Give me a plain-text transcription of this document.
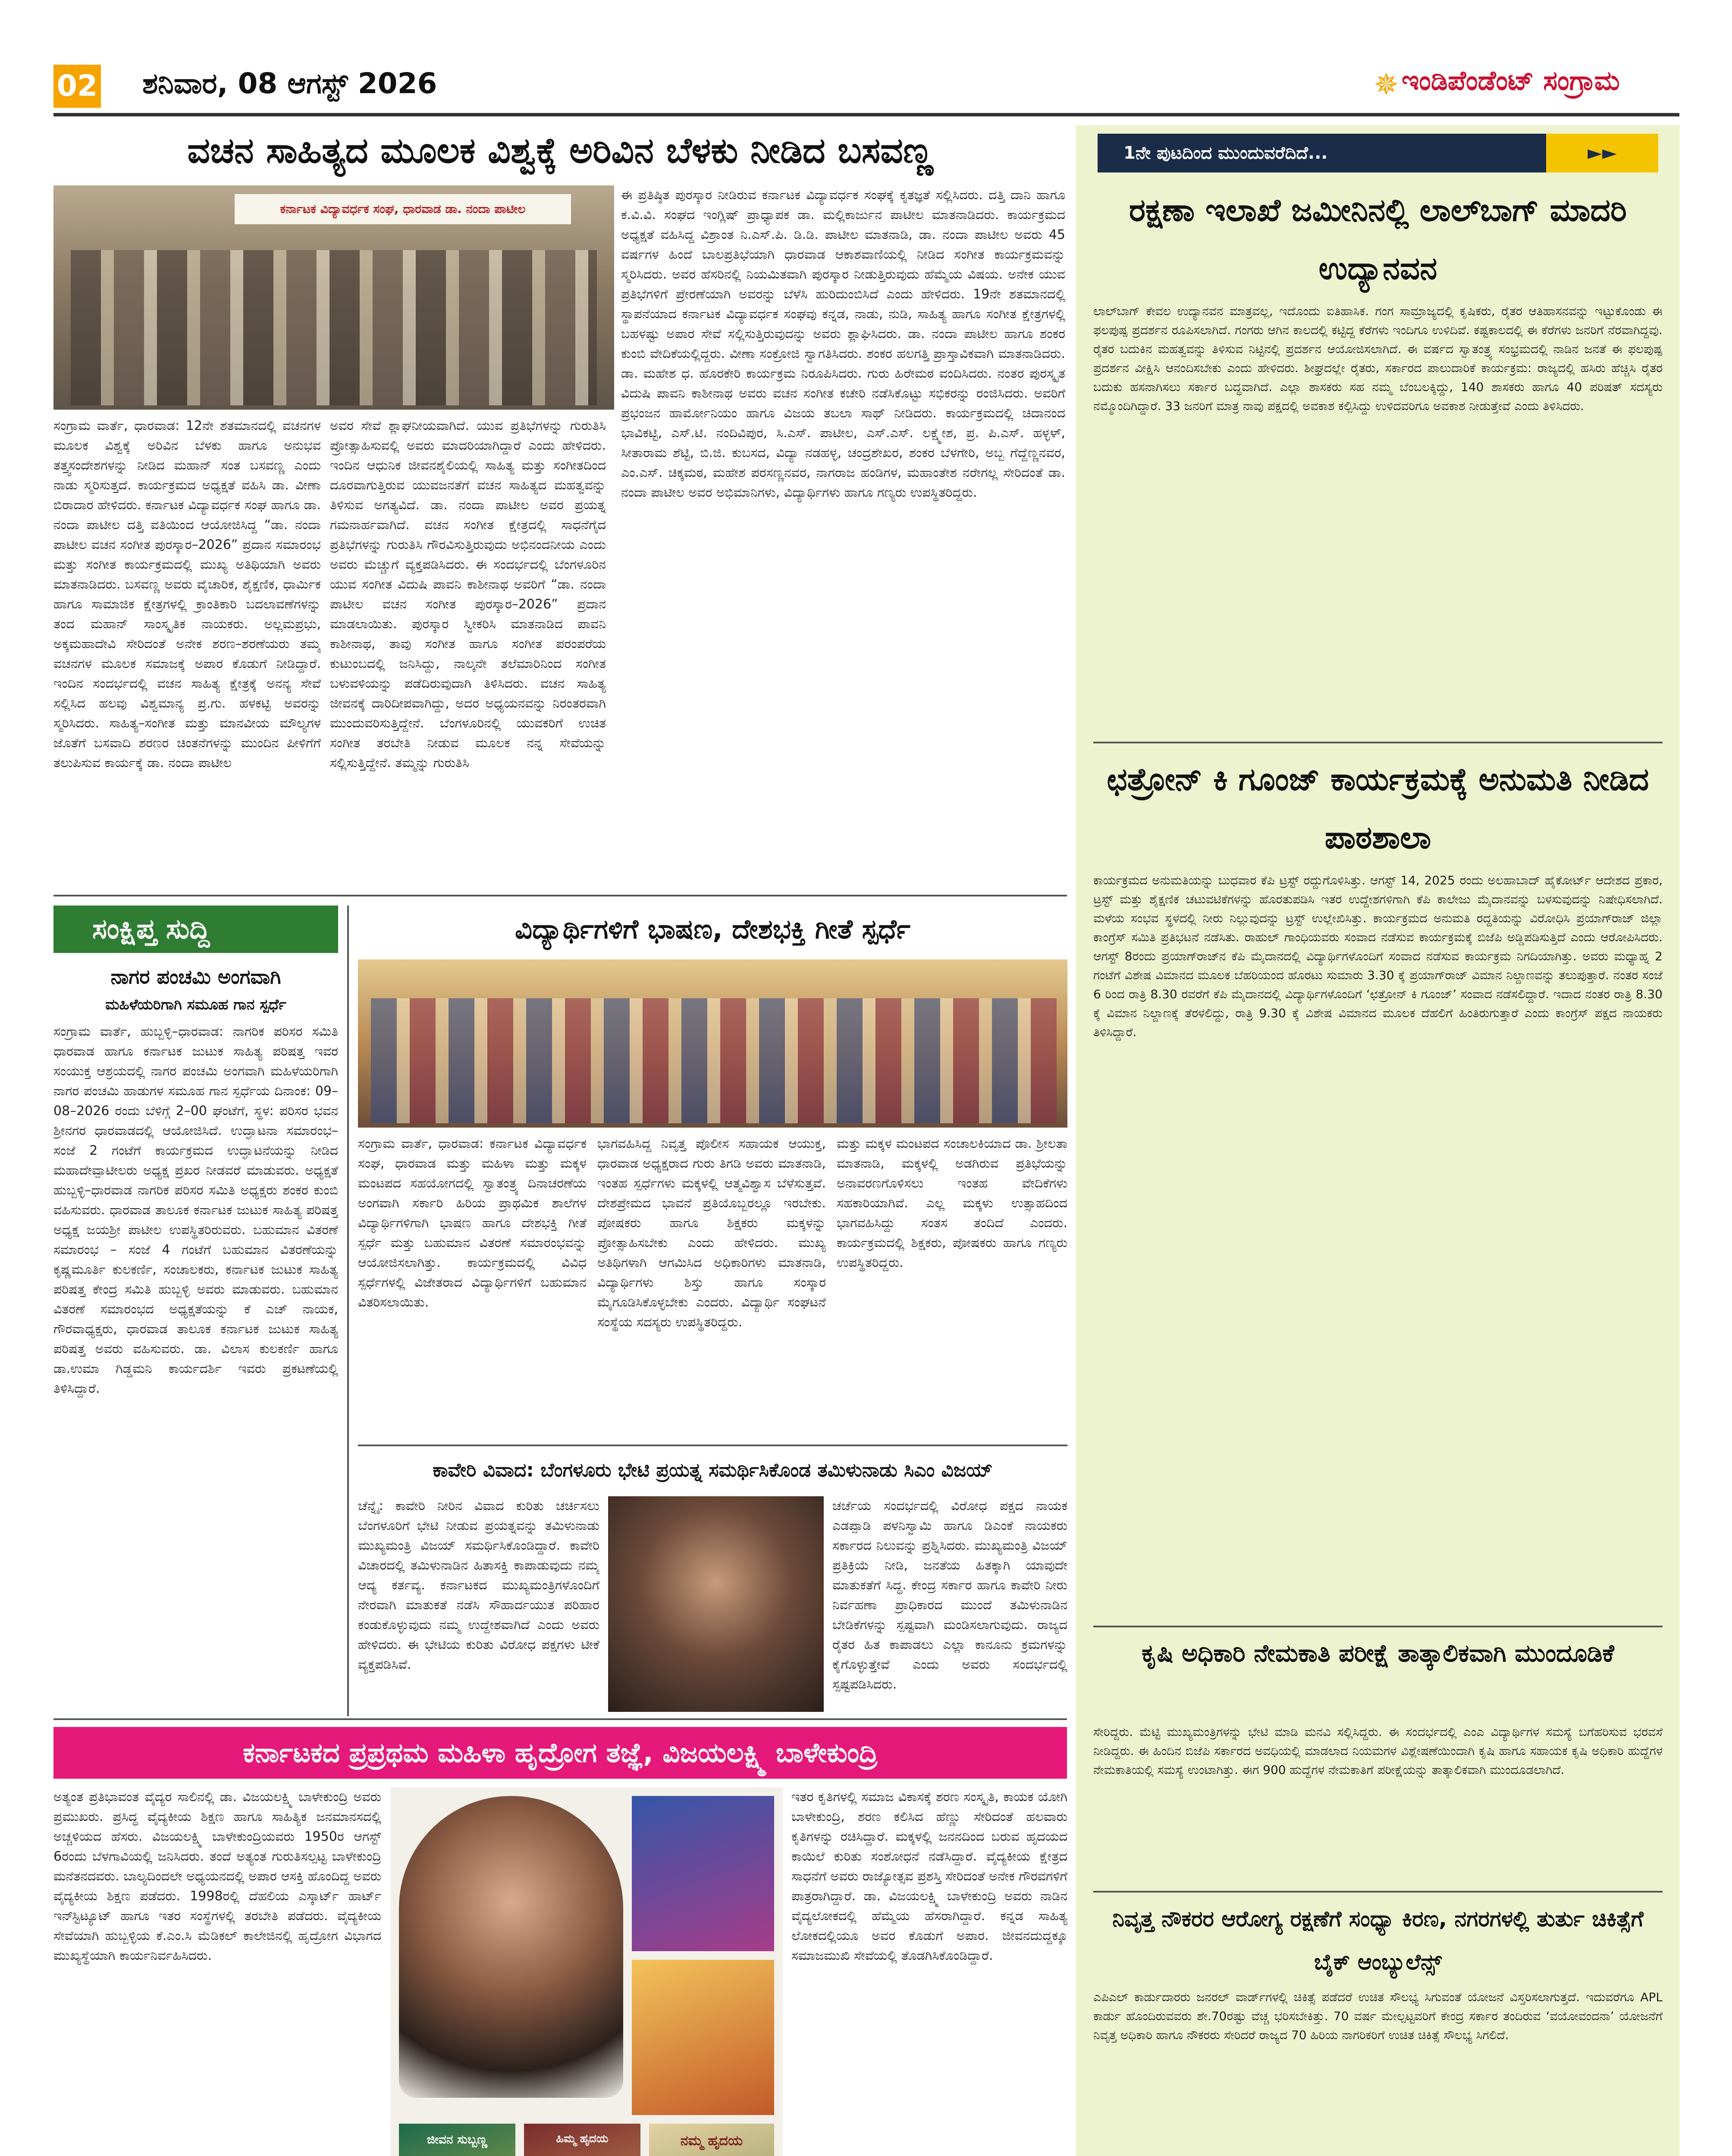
02 ಶನಿವಾರ, 08 ಆಗಸ್ಟ್ 2026	✵ ಇಂಡಿಪೆಂಡೆಂಟ್ ಸಂಗ್ರಾಮ
ವಚನ ಸಾಹಿತ್ಯದ ಮೂಲಕ ವಿಶ್ವಕ್ಕೆ ಅರಿವಿನ ಬೆಳಕು ನೀಡಿದ ಬಸವಣ್ಣ
ಕರ್ನಾಟಕ ವಿದ್ಯಾವರ್ಧಕ ಸಂಘ, ಧಾರವಾಡ ಡಾ. ನಂದಾ ಪಾಟೀಲ
ಸಂಗ್ರಾಮ ವಾರ್ತೆ, ಧಾರವಾಡ: 12ನೇ ಶತಮಾನದಲ್ಲಿ ವಚನಗಳ ಮೂಲಕ ವಿಶ್ವಕ್ಕೆ ಅರಿವಿನ ಬೆಳಕು ಹಾಗೂ ಅನುಭವ ತತ್ತ್ವಸಂದೇಶಗಳನ್ನು ನೀಡಿದ ಮಹಾನ್ ಸಂತ ಬಸವಣ್ಣ ಎಂದು ನಾಡು ಸ್ಮರಿಸುತ್ತದೆ. ಕಾರ್ಯಕ್ರಮದ ಅಧ್ಯಕ್ಷತೆ ವಹಿಸಿ ಡಾ. ವೀಣಾ ಬಿರಾದಾರ ಹೇಳಿದರು. ಕರ್ನಾಟಕ ವಿದ್ಯಾವರ್ಧಕ ಸಂಘ ಹಾಗೂ ಡಾ. ನಂದಾ ಪಾಟೀಲ ದತ್ತಿ ವತಿಯಿಂದ ಆಯೋಜಿಸಿದ್ದ “ಡಾ. ನಂದಾ ಪಾಟೀಲ ವಚನ ಸಂಗೀತ ಪುರಸ್ಕಾರ–2026” ಪ್ರದಾನ ಸಮಾರಂಭ ಮತ್ತು ಸಂಗೀತ ಕಾರ್ಯಕ್ರಮದಲ್ಲಿ ಮುಖ್ಯ ಅತಿಥಿಯಾಗಿ ಅವರು ಮಾತನಾಡಿದರು. ಬಸವಣ್ಣ ಅವರು ವೈಚಾರಿಕ, ಶೈಕ್ಷಣಿಕ, ಧಾರ್ಮಿಕ ಹಾಗೂ ಸಾಮಾಜಿಕ ಕ್ಷೇತ್ರಗಳಲ್ಲಿ ಕ್ರಾಂತಿಕಾರಿ ಬದಲಾವಣೆಗಳನ್ನು ತಂದ ಮಹಾನ್ ಸಾಂಸ್ಕೃತಿಕ ನಾಯಕರು. ಅಲ್ಲಮಪ್ರಭು, ಅಕ್ಕಮಹಾದೇವಿ ಸೇರಿದಂತೆ ಅನೇಕ ಶರಣ–ಶರಣೆಯರು ತಮ್ಮ ವಚನಗಳ ಮೂಲಕ ಸಮಾಜಕ್ಕೆ ಅಪಾರ ಕೊಡುಗೆ ನೀಡಿದ್ದಾರೆ. ಇಂದಿನ ಸಂದರ್ಭದಲ್ಲಿ ವಚನ ಸಾಹಿತ್ಯ ಕ್ಷೇತ್ರಕ್ಕೆ ಅನನ್ಯ ಸೇವೆ ಸಲ್ಲಿಸಿದ ಹಲವು ವಿಶ್ವಮಾನ್ಯ ಪ್ರ.ಗು. ಹಳಕಟ್ಟಿ ಅವರನ್ನು ಸ್ಮರಿಸಿದರು. ಸಾಹಿತ್ಯ–ಸಂಗೀತ ಮತ್ತು ಮಾನವೀಯ ಮೌಲ್ಯಗಳ ಜೊತೆಗೆ ಬಸವಾದಿ ಶರಣರ ಚಿಂತನೆಗಳನ್ನು ಮುಂದಿನ ಪೀಳಿಗೆಗೆ ತಲುಪಿಸುವ ಕಾರ್ಯಕ್ಕೆ ಡಾ. ನಂದಾ ಪಾಟೀಲ
ಅವರ ಸೇವೆ ಶ್ಲಾಘನೀಯವಾಗಿದೆ. ಯುವ ಪ್ರತಿಭೆಗಳನ್ನು ಗುರುತಿಸಿ ಪ್ರೋತ್ಸಾಹಿಸುವಲ್ಲಿ ಅವರು ಮಾದರಿಯಾಗಿದ್ದಾರೆ ಎಂದು ಹೇಳಿದರು. ಇಂದಿನ ಆಧುನಿಕ ಜೀವನಶೈಲಿಯಲ್ಲಿ ಸಾಹಿತ್ಯ ಮತ್ತು ಸಂಗೀತದಿಂದ ದೂರವಾಗುತ್ತಿರುವ ಯುವಜನತೆಗೆ ವಚನ ಸಾಹಿತ್ಯದ ಮಹತ್ವವನ್ನು ತಿಳಿಸುವ ಅಗತ್ಯವಿದೆ. ಡಾ. ನಂದಾ ಪಾಟೀಲ ಅವರ ಪ್ರಯತ್ನ ಗಮನಾರ್ಹವಾಗಿದೆ. ವಚನ ಸಂಗೀತ ಕ್ಷೇತ್ರದಲ್ಲಿ ಸಾಧನೆಗೈದ ಪ್ರತಿಭೆಗಳನ್ನು ಗುರುತಿಸಿ ಗೌರವಿಸುತ್ತಿರುವುದು ಅಭಿನಂದನೀಯ ಎಂದು ಅವರು ಮೆಚ್ಚುಗೆ ವ್ಯಕ್ತಪಡಿಸಿದರು. ಈ ಸಂದರ್ಭದಲ್ಲಿ ಬೆಂಗಳೂರಿನ ಯುವ ಸಂಗೀತ ವಿದುಷಿ ಪಾವನಿ ಕಾಶೀನಾಥ ಅವರಿಗೆ “ಡಾ. ನಂದಾ ಪಾಟೀಲ ವಚನ ಸಂಗೀತ ಪುರಸ್ಕಾರ–2026” ಪ್ರದಾನ ಮಾಡಲಾಯಿತು. ಪುರಸ್ಕಾರ ಸ್ವೀಕರಿಸಿ ಮಾತನಾಡಿದ ಪಾವನಿ ಕಾಶೀನಾಥ, ತಾವು ಸಂಗೀತ ಹಾಗೂ ಸಂಗೀತ ಪರಂಪರೆಯ ಕುಟುಂಬದಲ್ಲಿ ಜನಿಸಿದ್ದು, ನಾಲ್ಕನೇ ತಲೆಮಾರಿನಿಂದ ಸಂಗೀತ ಬಳುವಳಿಯನ್ನು ಪಡೆದಿರುವುದಾಗಿ ತಿಳಿಸಿದರು. ವಚನ ಸಾಹಿತ್ಯ ಜೀವನಕ್ಕೆ ದಾರಿದೀಪವಾಗಿದ್ದು, ಅದರ ಅಧ್ಯಯನವನ್ನು ನಿರಂತರವಾಗಿ ಮುಂದುವರಿಸುತ್ತಿದ್ದೇನೆ. ಬೆಂಗಳೂರಿನಲ್ಲಿ ಯುವಕರಿಗೆ ಉಚಿತ ಸಂಗೀತ ತರಬೇತಿ ನೀಡುವ ಮೂಲಕ ನನ್ನ ಸೇವೆಯನ್ನು ಸಲ್ಲಿಸುತ್ತಿದ್ದೇನೆ. ತಮ್ಮನ್ನು ಗುರುತಿಸಿ
ಈ ಪ್ರತಿಷ್ಠಿತ ಪುರಸ್ಕಾರ ನೀಡಿರುವ ಕರ್ನಾಟಕ ವಿದ್ಯಾವರ್ಧಕ ಸಂಘಕ್ಕೆ ಕೃತಜ್ಞತೆ ಸಲ್ಲಿಸಿದರು. ದತ್ತಿ ದಾನಿ ಹಾಗೂ ಕ.ವಿ.ವಿ. ಸಂಘದ ಇಂಗ್ಲಿಷ್ ಪ್ರಾಧ್ಯಾಪಕ ಡಾ. ಮಲ್ಲಿಕಾರ್ಜುನ ಪಾಟೀಲ ಮಾತನಾಡಿದರು. ಕಾರ್ಯಕ್ರಮದ ಅಧ್ಯಕ್ಷತೆ ವಹಿಸಿದ್ದ ವಿಶ್ರಾಂತ ನಿ.ಎಸ್.ಪಿ. ಡಿ.ಡಿ. ಪಾಟೀಲ ಮಾತನಾಡಿ, ಡಾ. ನಂದಾ ಪಾಟೀಲ ಅವರು 45 ವರ್ಷಗಳ ಹಿಂದೆ ಬಾಲಪ್ರತಿಭೆಯಾಗಿ ಧಾರವಾಡ ಆಕಾಶವಾಣಿಯಲ್ಲಿ ನೀಡಿದ ಸಂಗೀತ ಕಾರ್ಯಕ್ರಮವನ್ನು ಸ್ಮರಿಸಿದರು. ಅವರ ಹೆಸರಿನಲ್ಲಿ ನಿಯಮಿತವಾಗಿ ಪುರಸ್ಕಾರ ನೀಡುತ್ತಿರುವುದು ಹೆಮ್ಮೆಯ ವಿಷಯ. ಅನೇಕ ಯುವ ಪ್ರತಿಭೆಗಳಿಗೆ ಪ್ರೇರಣೆಯಾಗಿ ಅವರನ್ನು ಬೆಳೆಸಿ ಹುರಿದುಂಬಿಸಿದೆ ಎಂದು ಹೇಳಿದರು. 19ನೇ ಶತಮಾನದಲ್ಲಿ ಸ್ಥಾಪನೆಯಾದ ಕರ್ನಾಟಕ ವಿದ್ಯಾವರ್ಧಕ ಸಂಘವು ಕನ್ನಡ, ನಾಡು, ನುಡಿ, ಸಾಹಿತ್ಯ ಹಾಗೂ ಸಂಗೀತ ಕ್ಷೇತ್ರಗಳಲ್ಲಿ ಬಹಳಷ್ಟು ಅಪಾರ ಸೇವೆ ಸಲ್ಲಿಸುತ್ತಿರುವುದನ್ನು ಅವರು ಶ್ಲಾಘಿಸಿದರು. ಡಾ. ನಂದಾ ಪಾಟೀಲ ಹಾಗೂ ಶಂಕರ ಕುಂಬಿ ವೇದಿಕೆಯಲ್ಲಿದ್ದರು. ವೀಣಾ ಸಂಕ್ರೋಜಿ ಸ್ವಾಗತಿಸಿದರು. ಶಂಕರ ಹಲಗತ್ತಿ ಪ್ರಾಸ್ತಾವಿಕವಾಗಿ ಮಾತನಾಡಿದರು. ಡಾ. ಮಹೇಶ ಧ. ಹೊರಕೇರಿ ಕಾರ್ಯಕ್ರಮ ನಿರೂಪಿಸಿದರು. ಗುರು ಹಿರೇಮಠ ವಂದಿಸಿದರು. ನಂತರ ಪುರಸ್ಕೃತ ವಿದುಷಿ ಪಾವನಿ ಕಾಶೀನಾಥ ಅವರು ವಚನ ಸಂಗೀತ ಕಚೇರಿ ನಡೆಸಿಕೊಟ್ಟು ಸಭಿಕರನ್ನು ರಂಜಿಸಿದರು. ಅವರಿಗೆ ಪ್ರಭಂಜನ ಹಾರ್ಮೋನಿಯಂ ಹಾಗೂ ವಿಜಯ ತಬಲಾ ಸಾಥ್ ನೀಡಿದರು. ಕಾರ್ಯಕ್ರಮದಲ್ಲಿ ಚಿದಾನಂದ ಭಾವಿಕಟ್ಟಿ, ಎಸ್.ಟಿ. ನಂದಿವಿಪುರ, ಸಿ.ಎಸ್. ಪಾಟೀಲ, ಎಸ್.ಎಸ್. ಲಕ್ಷ್ಮೇಶ, ಪ್ರ. ಪಿ.ಎಸ್. ಹಳ್ಳಳ್, ಸೀತಾರಾಮ ಶೆಟ್ಟಿ, ಬಿ.ಜಿ. ಕುಬಸದ, ವಿದ್ಯಾ ನಡಹಳ್ಳ, ಚಂದ್ರಶೇಖರ, ಶಂಕರ ಬೆಳಗೇರಿ, ಅಬ್ಬ ಗೆದ್ದೆಣ್ಣನವರ, ಎಂ.ಎಸ್. ಚಿಕ್ಕಮಠ, ಮಹೇಶ ಪರಸಣ್ಣನವರ, ನಾಗರಾಜ ಹಂಡಿಗಳ, ಮಹಾಂತೇಶ ನರೇಗಲ್ಲ ಸೇರಿದಂತೆ ಡಾ. ನಂದಾ ಪಾಟೀಲ ಅವರ ಅಭಿಮಾನಿಗಳು, ವಿದ್ಯಾರ್ಥಿಗಳು ಹಾಗೂ ಗಣ್ಯರು ಉಪಸ್ಥಿತರಿದ್ದರು.
ಸಂಕ್ಷಿಪ್ತ ಸುದ್ದಿ
ನಾಗರ ಪಂಚಮಿ ಅಂಗವಾಗಿ
ಮಹಿಳೆಯರಿಗಾಗಿ ಸಮೂಹ ಗಾನ ಸ್ಪರ್ಧೆ
ಸಂಗ್ರಾಮ ವಾರ್ತೆ, ಹುಬ್ಬಳ್ಳಿ–ಧಾರವಾಡ: ನಾಗರಿಕ ಪರಿಸರ ಸಮಿತಿ ಧಾರವಾಡ ಹಾಗೂ ಕರ್ನಾಟಕ ಜುಟುಕ ಸಾಹಿತ್ಯ ಪರಿಷತ್ತ ಇವರ ಸಂಯುಕ್ತ ಆಶ್ರಯದಲ್ಲಿ ನಾಗರ ಪಂಚಮಿ ಅಂಗವಾಗಿ ಮಹಿಳೆಯರಿಗಾಗಿ ನಾಗರ ಪಂಚಮಿ ಹಾಡುಗಳ ಸಮೂಹ ಗಾನ ಸ್ಪರ್ಧೆಯ ದಿನಾಂಕ: 09–08–2026 ರಂದು ಬೆಳಿಗ್ಗೆ 2–00 ಘಂಟೆಗೆ, ಸ್ಥಳ: ಪರಿಸರ ಭವನ ಶ್ರೀನಗರ ಧಾರವಾಡದಲ್ಲಿ ಆಯೋಜಿಸಿದೆ. ಉದ್ಘಾಟನಾ ಸಮಾರಂಭ– ಸಂಜೆ 2 ಗಂಟೆಗೆ ಕಾರ್ಯಕ್ರಮದ ಉದ್ಘಾಟನೆಯನ್ನು ನೀಡಿದ ಮಹಾದೇವ್ಪಾಟೀಲರು ಅಧ್ಯಕ್ಷ ಪ್ರಖರ ನೀಡವರೆ ಮಾಡುವರು. ಅಧ್ಯಕ್ಷತೆ ಹುಬ್ಬಳ್ಳಿ–ಧಾರವಾಡ ನಾಗರಿಕ ಪರಿಸರ ಸಮಿತಿ ಅಧ್ಯಕ್ಷರು ಶಂಕರ ಕುಂಬಿ ವಹಿಸುವರು. ಧಾರವಾಡ ತಾಲೂಕ ಕರ್ನಾಟಕ ಜುಟುಕ ಸಾಹಿತ್ಯ ಪರಿಷತ್ತ ಅಧ್ಯಕ್ಷ ಜಯಶ್ರೀ ಪಾಟೀಲ ಉಪಸ್ಥಿತರಿರುವರು. ಬಹುಮಾನ ವಿತರಣೆ ಸಮಾರಂಭ – ಸಂಜೆ 4 ಗಂಟೆಗೆ ಬಹುಮಾನ ವಿತರಣೆಯನ್ನು ಕೃಷ್ಣಮೂರ್ತಿ ಕುಲಕರ್ಣಿ, ಸಂಚಾಲಕರು, ಕರ್ನಾಟಕ ಜುಟುಕ ಸಾಹಿತ್ಯ ಪರಿಷತ್ತ ಕೇಂದ್ರ ಸಮಿತಿ ಹುಬ್ಬಳ್ಳಿ ಅವರು ಮಾಡುವರು. ಬಹುಮಾನ ವಿತರಣೆ ಸಮಾರಂಭದ ಅಧ್ಯಕ್ಷತೆಯನ್ನು ಕೆ ಎಚ್ ನಾಯಕ, ಗೌರವಾಧ್ಯಕ್ಷರು, ಧಾರವಾಡ ತಾಲೂಕ ಕರ್ನಾಟಕ ಜುಟುಕ ಸಾಹಿತ್ಯ ಪರಿಷತ್ತ ಅವರು ವಹಿಸುವರು. ಡಾ. ವಿಲಾಸ ಕುಲಕರ್ಣಿ ಹಾಗೂ ಡಾ.ಉಮಾ ಗಿಡ್ಡಮನಿ ಕಾರ್ಯದರ್ಶಿ ಇವರು ಪ್ರಕಟಣೆಯಲ್ಲಿ ತಿಳಿಸಿದ್ದಾರೆ.
ವಿದ್ಯಾರ್ಥಿಗಳಿಗೆ ಭಾಷಣ, ದೇಶಭಕ್ತಿ ಗೀತೆ ಸ್ಪರ್ಧೆ
ಸಂಗ್ರಾಮ ವಾರ್ತೆ, ಧಾರವಾಡ: ಕರ್ನಾಟಕ ವಿದ್ಯಾವರ್ಧಕ ಸಂಘ, ಧಾರವಾಡ ಮತ್ತು ಮಹಿಳಾ ಮತ್ತು ಮಕ್ಕಳ ಮಂಟಪದ ಸಹಯೋಗದಲ್ಲಿ ಸ್ವಾತಂತ್ರ್ಯ ದಿನಾಚರಣೆಯ ಅಂಗವಾಗಿ ಸರ್ಕಾರಿ ಹಿರಿಯ ಪ್ರಾಥಮಿಕ ಶಾಲೆಗಳ ವಿದ್ಯಾರ್ಥಿಗಳಿಗಾಗಿ ಭಾಷಣ ಹಾಗೂ ದೇಶಭಕ್ತಿ ಗೀತೆ ಸ್ಪರ್ಧೆ ಮತ್ತು ಬಹುಮಾನ ವಿತರಣೆ ಸಮಾರಂಭವನ್ನು ಆಯೋಜಿಸಲಾಗಿತ್ತು. ಕಾರ್ಯಕ್ರಮದಲ್ಲಿ ವಿವಿಧ ಸ್ಪರ್ಧೆಗಳಲ್ಲಿ ವಿಜೇತರಾದ ವಿದ್ಯಾರ್ಥಿಗಳಿಗೆ ಬಹುಮಾನ ವಿತರಿಸಲಾಯಿತು.
ಭಾಗವಹಿಸಿದ್ದ ನಿವೃತ್ತ ಪೊಲೀಸ ಸಹಾಯಕ ಆಯುಕ್ತ, ಧಾರವಾಡ ಅಧ್ಯಕ್ಷರಾದ ಗುರು ತಿಗಡಿ ಅವರು ಮಾತನಾಡಿ, ಇಂತಹ ಸ್ಪರ್ಧೆಗಳು ಮಕ್ಕಳಲ್ಲಿ ಆತ್ಮವಿಶ್ವಾಸ ಬೆಳೆಸುತ್ತವೆ. ದೇಶಪ್ರೇಮದ ಭಾವನೆ ಪ್ರತಿಯೊಬ್ಬರಲ್ಲೂ ಇರಬೇಕು. ಪೋಷಕರು ಹಾಗೂ ಶಿಕ್ಷಕರು ಮಕ್ಕಳನ್ನು ಪ್ರೋತ್ಸಾಹಿಸಬೇಕು ಎಂದು ಹೇಳಿದರು. ಮುಖ್ಯ ಅತಿಥಿಗಳಾಗಿ ಆಗಮಿಸಿದ ಅಧಿಕಾರಿಗಳು ಮಾತನಾಡಿ, ವಿದ್ಯಾರ್ಥಿಗಳು ಶಿಸ್ತು ಹಾಗೂ ಸಂಸ್ಕಾರ ಮೈಗೂಡಿಸಿಕೊಳ್ಳಬೇಕು ಎಂದರು. ವಿದ್ಯಾರ್ಥಿ ಸಂಘಟನೆ ಸಂಸ್ಥೆಯ ಸದಸ್ಯರು ಉಪಸ್ಥಿತರಿದ್ದರು.
ಮತ್ತು ಮಕ್ಕಳ ಮಂಟಪದ ಸಂಚಾಲಕಿಯಾದ ಡಾ. ಶ್ರೀಲತಾ ಮಾತನಾಡಿ, ಮಕ್ಕಳಲ್ಲಿ ಅಡಗಿರುವ ಪ್ರತಿಭೆಯನ್ನು ಅನಾವರಣಗೊಳಿಸಲು ಇಂತಹ ವೇದಿಕೆಗಳು ಸಹಕಾರಿಯಾಗಿವೆ. ಎಲ್ಲ ಮಕ್ಕಳು ಉತ್ಸಾಹದಿಂದ ಭಾಗವಹಿಸಿದ್ದು ಸಂತಸ ತಂದಿದೆ ಎಂದರು. ಕಾರ್ಯಕ್ರಮದಲ್ಲಿ ಶಿಕ್ಷಕರು, ಪೋಷಕರು ಹಾಗೂ ಗಣ್ಯರು ಉಪಸ್ಥಿತರಿದ್ದರು.
ಕಾವೇರಿ ವಿವಾದ: ಬೆಂಗಳೂರು ಭೇಟಿ ಪ್ರಯತ್ನ ಸಮರ್ಥಿಸಿಕೊಂಡ ತಮಿಳುನಾಡು ಸಿಎಂ ವಿಜಯ್
ಚೆನ್ನೈ: ಕಾವೇರಿ ನೀರಿನ ವಿವಾದ ಕುರಿತು ಚರ್ಚಿಸಲು ಬೆಂಗಳೂರಿಗೆ ಭೇಟಿ ನೀಡುವ ಪ್ರಯತ್ನವನ್ನು ತಮಿಳುನಾಡು ಮುಖ್ಯಮಂತ್ರಿ ವಿಜಯ್ ಸಮರ್ಥಿಸಿಕೊಂಡಿದ್ದಾರೆ. ಕಾವೇರಿ ವಿಚಾರದಲ್ಲಿ ತಮಿಳುನಾಡಿನ ಹಿತಾಸಕ್ತಿ ಕಾಪಾಡುವುದು ನಮ್ಮ ಆದ್ಯ ಕರ್ತವ್ಯ. ಕರ್ನಾಟಕದ ಮುಖ್ಯಮಂತ್ರಿಗಳೊಂದಿಗೆ ನೇರವಾಗಿ ಮಾತುಕತೆ ನಡೆಸಿ ಸೌಹಾರ್ದಯುತ ಪರಿಹಾರ ಕಂಡುಕೊಳ್ಳುವುದು ನಮ್ಮ ಉದ್ದೇಶವಾಗಿದೆ ಎಂದು ಅವರು ಹೇಳಿದರು. ಈ ಭೇಟಿಯ ಕುರಿತು ವಿರೋಧ ಪಕ್ಷಗಳು ಟೀಕೆ ವ್ಯಕ್ತಪಡಿಸಿವೆ.
ಚರ್ಚೆಯ ಸಂದರ್ಭದಲ್ಲಿ ವಿರೋಧ ಪಕ್ಷದ ನಾಯಕ ಎಡಪ್ಪಾಡಿ ಪಳನಿಸ್ವಾಮಿ ಹಾಗೂ ಡಿಎಂಕೆ ನಾಯಕರು ಸರ್ಕಾರದ ನಿಲುವನ್ನು ಪ್ರಶ್ನಿಸಿದರು. ಮುಖ್ಯಮಂತ್ರಿ ವಿಜಯ್ ಪ್ರತಿಕ್ರಿಯೆ ನೀಡಿ, ಜನತೆಯ ಹಿತಕ್ಕಾಗಿ ಯಾವುದೇ ಮಾತುಕತೆಗೆ ಸಿದ್ಧ. ಕೇಂದ್ರ ಸರ್ಕಾರ ಹಾಗೂ ಕಾವೇರಿ ನೀರು ನಿರ್ವಹಣಾ ಪ್ರಾಧಿಕಾರದ ಮುಂದೆ ತಮಿಳುನಾಡಿನ ಬೇಡಿಕೆಗಳನ್ನು ಸ್ಪಷ್ಟವಾಗಿ ಮಂಡಿಸಲಾಗುವುದು. ರಾಜ್ಯದ ರೈತರ ಹಿತ ಕಾಪಾಡಲು ಎಲ್ಲಾ ಕಾನೂನು ಕ್ರಮಗಳನ್ನು ಕೈಗೊಳ್ಳುತ್ತೇವೆ ಎಂದು ಅವರು ಸಂದರ್ಭದಲ್ಲಿ ಸ್ಪಷ್ಟಪಡಿಸಿದರು.
ಕರ್ನಾಟಕದ ಪ್ರಪ್ರಥಮ ಮಹಿಳಾ ಹೃದ್ರೋಗ ತಜ್ಞೆ, ವಿಜಯಲಕ್ಷ್ಮಿ ಬಾಳೇಕುಂದ್ರಿ
ಅತ್ಯಂತ ಪ್ರತಿಭಾವಂತ ವೈದ್ಯರ ಸಾಲಿನಲ್ಲಿ ಡಾ. ವಿಜಯಲಕ್ಷ್ಮಿ ಬಾಳೇಕುಂದ್ರಿ ಅವರು ಪ್ರಮುಖರು. ಪ್ರಸಿದ್ಧ ವೈದ್ಯಕೀಯ ಶಿಕ್ಷಣ ಹಾಗೂ ಸಾಹಿತ್ಯಿಕ ಜನಮಾನಸದಲ್ಲಿ ಅಚ್ಚಳಿಯದ ಹೆಸರು. ವಿಜಯಲಕ್ಷ್ಮಿ ಬಾಳೇಕುಂದ್ರಿಯವರು 1950ರ ಆಗಸ್ಟ್ 6ರಂದು ಬೆಳಗಾವಿಯಲ್ಲಿ ಜನಿಸಿದರು. ತಂದೆ ಅತ್ಯಂತ ಗುರುತಿಸಲ್ಪಟ್ಟ ಬಾಳೇಕುಂದ್ರಿ ಮನೆತನದವರು. ಬಾಲ್ಯದಿಂದಲೇ ಅಧ್ಯಯನದಲ್ಲಿ ಅಪಾರ ಆಸಕ್ತಿ ಹೊಂದಿದ್ದ ಅವರು ವೈದ್ಯಕೀಯ ಶಿಕ್ಷಣ ಪಡೆದರು. 1998ರಲ್ಲಿ ದೆಹಲಿಯ ಎಸ್ಕಾರ್ಟ್ ಹಾರ್ಟ್ ಇನ್‍ಸ್ಟಿಟ್ಯೂಟ್ ಹಾಗೂ ಇತರ ಸಂಸ್ಥೆಗಳಲ್ಲಿ ತರಬೇತಿ ಪಡೆದರು. ವೈದ್ಯಕೀಯ ಸೇವೆಯಾಗಿ ಹುಬ್ಬಳ್ಳಿಯ ಕೆ.ಎಂ.ಸಿ ಮೆಡಿಕಲ್ ಕಾಲೇಜಿನಲ್ಲಿ ಹೃದ್ರೋಗ ವಿಭಾಗದ ಮುಖ್ಯಸ್ಥೆಯಾಗಿ ಕಾರ್ಯನಿರ್ವಹಿಸಿದರು.
ಜೀವನ ಸುಬ್ಬಣ್ಣ	ಹಿಮ್ಮ ಹೃದಯ	ನಮ್ಮ ಹೃದಯ
ಇತರ ಕೃತಿಗಳಲ್ಲಿ ಸಮಾಜ ವಿಕಾಸಕ್ಕೆ ಶರಣ ಸಂಸ್ಕೃತಿ, ಕಾಯಕ ಯೋಗಿ ಬಾಳೇಕುಂದ್ರಿ, ಶರಣ ಕಲಿಸಿದ ಹೆಣ್ಣು ಸೇರಿದಂತೆ ಹಲವಾರು ಕೃತಿಗಳನ್ನು ರಚಿಸಿದ್ದಾರೆ. ಮಕ್ಕಳಲ್ಲಿ ಜನನದಿಂದ ಬರುವ ಹೃದಯದ ಕಾಯಿಲೆ ಕುರಿತು ಸಂಶೋಧನೆ ನಡೆಸಿದ್ದಾರೆ. ವೈದ್ಯಕೀಯ ಕ್ಷೇತ್ರದ ಸಾಧನೆಗೆ ಅವರು ರಾಜ್ಯೋತ್ಸವ ಪ್ರಶಸ್ತಿ ಸೇರಿದಂತೆ ಅನೇಕ ಗೌರವಗಳಿಗೆ ಪಾತ್ರರಾಗಿದ್ದಾರೆ. ಡಾ. ವಿಜಯಲಕ್ಷ್ಮಿ ಬಾಳೇಕುಂದ್ರಿ ಅವರು ನಾಡಿನ ವೈದ್ಯಲೋಕದಲ್ಲಿ ಹೆಮ್ಮೆಯ ಹೆಸರಾಗಿದ್ದಾರೆ. ಕನ್ನಡ ಸಾಹಿತ್ಯ ಲೋಕದಲ್ಲಿಯೂ ಅವರ ಕೊಡುಗೆ ಅಪಾರ. ಜೀವನದುದ್ದಕ್ಕೂ ಸಮಾಜಮುಖಿ ಸೇವೆಯಲ್ಲಿ ತೊಡಗಿಸಿಕೊಂಡಿದ್ದಾರೆ.
1ನೇ ಪುಟದಿಂದ ಮುಂದುವರೆದಿದೆ...	►►
ರಕ್ಷಣಾ ಇಲಾಖೆ ಜಮೀನಿನಲ್ಲಿ ಲಾಲ್‍ಬಾಗ್ ಮಾದರಿ ಉದ್ಯಾನವನ
ಲಾಲ್‍ಬಾಗ್ ಕೇವಲ ಉದ್ಯಾನವನ ಮಾತ್ರವಲ್ಲ, ಇದೊಂದು ಐತಿಹಾಸಿಕ. ಗಂಗ ಸಾಮ್ರಾಜ್ಯದಲ್ಲಿ ಕೃಷಿಕರು, ರೈತರ ಆತಿಹಾಸನವನ್ನು ಇಟ್ಟುಕೊಂಡು ಈ ಫಲಪುಷ್ಪ ಪ್ರದರ್ಶನ ರೂಪಿಸಲಾಗಿದೆ. ಗಂಗರು ಆಗಿನ ಕಾಲದಲ್ಲಿ ಕಟ್ಟಿದ್ದ ಕೆರೆಗಳು ಇಂದಿಗೂ ಉಳಿದಿವೆ. ಕಷ್ಟಕಾಲದಲ್ಲಿ ಈ ಕೆರೆಗಳು ಜನರಿಗೆ ನೆರವಾಗಿದ್ದವು. ರೈತರ ಬದುಕಿನ ಮಹತ್ವವನ್ನು ತಿಳಿಸುವ ನಿಟ್ಟಿನಲ್ಲಿ ಪ್ರದರ್ಶನ ಆಯೋಜಿಸಲಾಗಿದೆ. ಈ ವರ್ಷದ ಸ್ವಾತಂತ್ರ್ಯ ಸಂಭ್ರಮದಲ್ಲಿ ನಾಡಿನ ಜನತೆ ಈ ಫಲಪುಷ್ಪ ಪ್ರದರ್ಶನ ವೀಕ್ಷಿಸಿ ಆನಂದಿಸಬೇಕು ಎಂದು ಹೇಳಿದರು. ಶೀಘ್ರದಲ್ಲೇ ರೈತರು, ಸರ್ಕಾರದ ಪಾಲುದಾರಿಕೆ ಕಾರ್ಯಕ್ರಮ: ರಾಜ್ಯದಲ್ಲಿ ಹಸಿರು ಹೆಚ್ಚಿಸಿ ರೈತರ ಬದುಕು ಹಸನಾಗಿಸಲು ಸರ್ಕಾರ ಬದ್ಧವಾಗಿದೆ. ಎಲ್ಲಾ ಶಾಸಕರು ಸಹ ನಮ್ಮ ಬೆಂಬಲಕ್ಕಿದ್ದು, 140 ಶಾಸಕರು ಹಾಗೂ 40 ಪರಿಷತ್ ಸದಸ್ಯರು ನಮ್ಮೊಂದಿಗಿದ್ದಾರೆ. 33 ಜನರಿಗೆ ಮಾತ್ರ ನಾವು ಪಕ್ಷದಲ್ಲಿ ಅವಕಾಶ ಕಲ್ಪಿಸಿದ್ದು ಉಳಿದವರಿಗೂ ಅವಕಾಶ ನೀಡುತ್ತೇವೆ ಎಂದು ತಿಳಿಸಿದರು.
ಛತ್ರೋನ್ ಕಿ ಗೂಂಜ್ ಕಾರ್ಯಕ್ರಮಕ್ಕೆ ಅನುಮತಿ ನೀಡಿದ ಪಾಠಶಾಲಾ
ಕಾರ್ಯಕ್ರಮದ ಅನುಮತಿಯನ್ನು ಬುಧವಾರ ಕೆಪಿ ಟ್ರಸ್ಟ್ ರದ್ದುಗೊಳಿಸಿತ್ತು. ಆಗಸ್ಟ್ 14, 2025 ರಂದು ಅಲಹಾಬಾದ್ ಹೈಕೋರ್ಟ್ ಆದೇಶದ ಪ್ರಕಾರ, ಟ್ರಸ್ಟ್ ಮತ್ತು ಶೈಕ್ಷಣಿಕ ಚಟುವಟಿಕೆಗಳನ್ನು ಹೊರತುಪಡಿಸಿ ಇತರ ಉದ್ದೇಶಗಳಿಗಾಗಿ ಕೆಪಿ ಕಾಲೇಜು ಮೈದಾನವನ್ನು ಬಳಸುವುದನ್ನು ನಿಷೇಧಿಸಲಾಗಿದೆ. ಮಳೆಯ ಸಂಭವ ಸ್ಥಳದಲ್ಲಿ ನೀರು ನಿಲ್ಲುವುದನ್ನು ಟ್ರಸ್ಟ್ ಉಲ್ಲೇಖಿಸಿತ್ತು. ಕಾರ್ಯಕ್ರಮದ ಅನುಮತಿ ರದ್ದತಿಯನ್ನು ವಿರೋಧಿಸಿ ಪ್ರಯಾಗ್‍ರಾಜ್ ಜಿಲ್ಲಾ ಕಾಂಗ್ರೆಸ್ ಸಮಿತಿ ಪ್ರತಿಭಟನೆ ನಡೆಸಿತು. ರಾಹುಲ್ ಗಾಂಧಿಯವರು ಸಂವಾದ ನಡೆಸುವ ಕಾರ್ಯಕ್ರಮಕ್ಕೆ ಬಿಜೆಪಿ ಅಡ್ಡಿಪಡಿಸುತ್ತಿದೆ ಎಂದು ಆರೋಪಿಸಿದರು. ಆಗಸ್ಟ್ 8ರಂದು ಪ್ರಯಾಗ್‍ರಾಜ್‍ನ ಕೆಪಿ ಮೈದಾನದಲ್ಲಿ ವಿದ್ಯಾರ್ಥಿಗಳೊಂದಿಗೆ ಸಂವಾದ ನಡೆಸುವ ಕಾರ್ಯಕ್ರಮ ನಿಗದಿಯಾಗಿತ್ತು. ಅವರು ಮಧ್ಯಾಹ್ನ 2 ಗಂಟೆಗೆ ವಿಶೇಷ ವಿಮಾನದ ಮೂಲಕ ಬೆಹರಿಯಂದ ಹೊರಟು ಸುಮಾರು 3.30 ಕ್ಕೆ ಪ್ರಯಾಗ್‍ರಾಜ್ ವಿಮಾನ ನಿಲ್ದಾಣವನ್ನು ತಲುಪುತ್ತಾರೆ. ನಂತರ ಸಂಜೆ 6 ರಿಂದ ರಾತ್ರಿ 8.30 ರವರೆಗೆ ಕೆಪಿ ಮೈದಾನದಲ್ಲಿ ವಿದ್ಯಾರ್ಥಿಗಳೊಂದಿಗೆ ‘ಛತ್ರೋನ್ ಕಿ ಗೂಂಜ್’ ಸಂವಾದ ನಡೆಸಲಿದ್ದಾರೆ. ಇದಾದ ನಂತರ ರಾತ್ರಿ 8.30 ಕ್ಕೆ ವಿಮಾನ ನಿಲ್ದಾಣಕ್ಕೆ ತೆರಳಲಿದ್ದು, ರಾತ್ರಿ 9.30 ಕ್ಕೆ ವಿಶೇಷ ವಿಮಾನದ ಮೂಲಕ ದೆಹಲಿಗೆ ಹಿಂತಿರುಗುತ್ತಾರೆ ಎಂದು ಕಾಂಗ್ರೆಸ್ ಪಕ್ಷದ ನಾಯಕರು ತಿಳಿಸಿದ್ದಾರೆ.
ಕೃಷಿ ಅಧಿಕಾರಿ ನೇಮಕಾತಿ ಪರೀಕ್ಷೆ ತಾತ್ಕಾಲಿಕವಾಗಿ ಮುಂದೂಡಿಕೆ
ಸೇರಿದ್ದರು. ಮೆಟ್ಟಿ ಮುಖ್ಯಮಂತ್ರಿಗಳನ್ನು ಭೇಟಿ ಮಾಡಿ ಮನವಿ ಸಲ್ಲಿಸಿದ್ದರು. ಈ ಸಂದರ್ಭದಲ್ಲಿ ಎಂಎ ವಿದ್ಯಾರ್ಥಿಗಳ ಸಮಸ್ಯೆ ಬಗೆಹರಿಸುವ ಭರವಸೆ ನೀಡಿದ್ದರು. ಈ ಹಿಂದಿನ ಬಿಜೆಪಿ ಸರ್ಕಾರದ ಅವಧಿಯಲ್ಲಿ ಮಾಡಲಾದ ನಿಯಮಗಳ ವಿಶ್ಲೇಷಣೆಯಿಂದಾಗಿ ಕೃಷಿ ಹಾಗೂ ಸಹಾಯಕ ಕೃಷಿ ಅಧಿಕಾರಿ ಹುದ್ದೆಗಳ ನೇಮಕಾತಿಯಲ್ಲಿ ಸಮಸ್ಯೆ ಉಂಟಾಗಿತ್ತು. ಈಗ 900 ಹುದ್ದೆಗಳ ನೇಮಕಾತಿಗೆ ಪರೀಕ್ಷೆಯನ್ನು ತಾತ್ಕಾಲಿಕವಾಗಿ ಮುಂದೂಡಲಾಗಿದೆ.
ನಿವೃತ್ತ ನೌಕರರ ಆರೋಗ್ಯ ರಕ್ಷಣೆಗೆ ಸಂಧ್ಯಾ ಕಿರಣ, ನಗರಗಳಲ್ಲಿ ತುರ್ತು ಚಿಕಿತ್ಸೆಗೆ ಬೈಕ್ ಆಂಬ್ಯುಲೆನ್ಸ್
ಎಪಿಎಲ್ ಕಾರ್ಡುದಾರರು ಜನರಲ್ ವಾರ್ಡ್‍ಗಳಲ್ಲಿ ಚಿಕಿತ್ಸೆ ಪಡೆದರೆ ಉಚಿತ ಸೌಲಭ್ಯ ಸಿಗುವಂತೆ ಯೋಜನೆ ವಿಸ್ತರಿಸಲಾಗುತ್ತದೆ. ಇದುವರೆಗೂ APL ಕಾರ್ಡು ಹೊಂದಿರುವವರು ಶೇ.70ರಷ್ಟು ವೆಚ್ಚ ಭರಿಸಬೇಕಿತ್ತು. 70 ವರ್ಷ ಮೇಲ್ಪಟ್ಟವರಿಗೆ ಕೇಂದ್ರ ಸರ್ಕಾರ ತಂದಿರುವ ‘ವಯೋವಂದನಾ’ ಯೋಜನೆಗೆ ನಿವೃತ್ತ ಅಧಿಕಾರಿ ಹಾಗೂ ನೌಕರರು ಸೇರಿದರೆ ರಾಜ್ಯದ 70 ಹಿರಿಯ ನಾಗರಿಕರಿಗೆ ಉಚಿತ ಚಿಕಿತ್ಸೆ ಸೌಲಭ್ಯ ಸಿಗಲಿದೆ.
